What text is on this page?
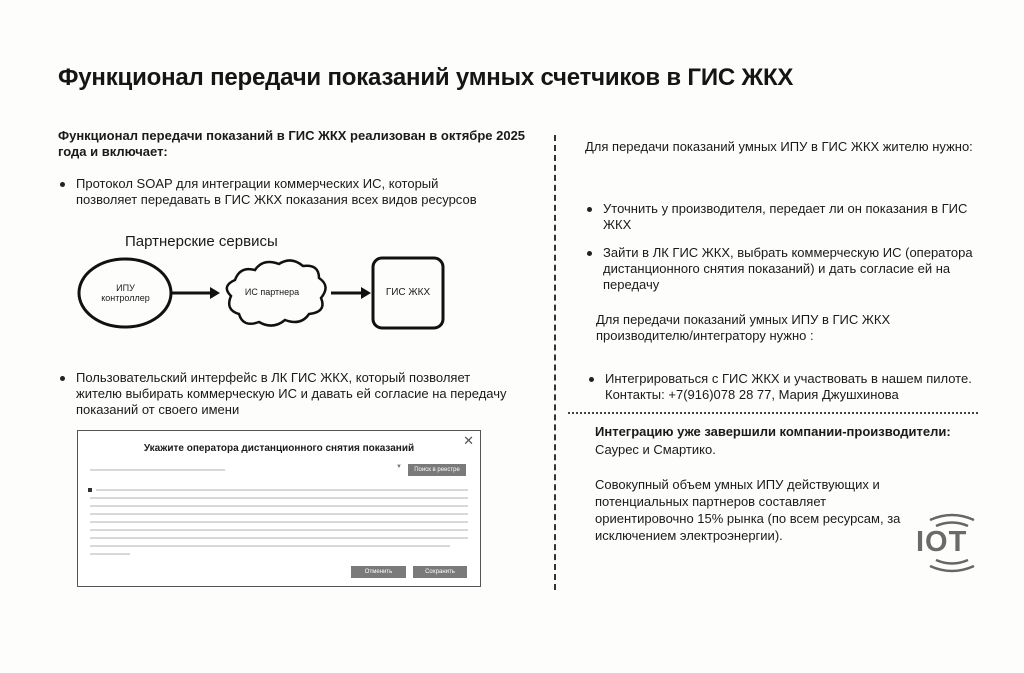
Функционал передачи показаний умных счетчиков в ГИС ЖКХ
Функционал передачи показаний в ГИС ЖКХ реализован в октябре 2025 года и включает:
Протокол SOAP для интеграции коммерческих ИС, который позволяет передавать в ГИС ЖКХ показания всех видов ресурсов
Партнерские сервисы
ИПУ
контроллер
ИС партнера	ГИС ЖКХ
Пользовательский интерфейс в ЛК ГИС ЖКХ, который позволяет жителю выбирать коммерческую ИС и давать ей согласие на передачу показаний от своего имени
Укажите оператора дистанционного снятия показаний
✕
▼	Поиск в реестре
Отменить	Сохранить
Для передачи показаний умных ИПУ в ГИС ЖКХ жителю нужно:
Уточнить у производителя, передает ли он показания в ГИС ЖКХ
Зайти в ЛК ГИС ЖКХ, выбрать коммерческую ИС (оператора дистанционного снятия показаний) и дать согласие ей на передачу
Для передачи показаний умных ИПУ в ГИС ЖКХ производителю/интегратору нужно :
Интегрироваться с ГИС ЖКХ и участвовать в нашем пилоте. Контакты: +7(916)078 28 77, Мария Джушхинова
Интеграцию уже завершили компании-производители:
Саурес и Смартико.
Совокупный объем умных ИПУ действующих и потенциальных партнеров составляет ориентировочно 15% рынка (по всем ресурсам, за исключением электроэнергии).	IOT
